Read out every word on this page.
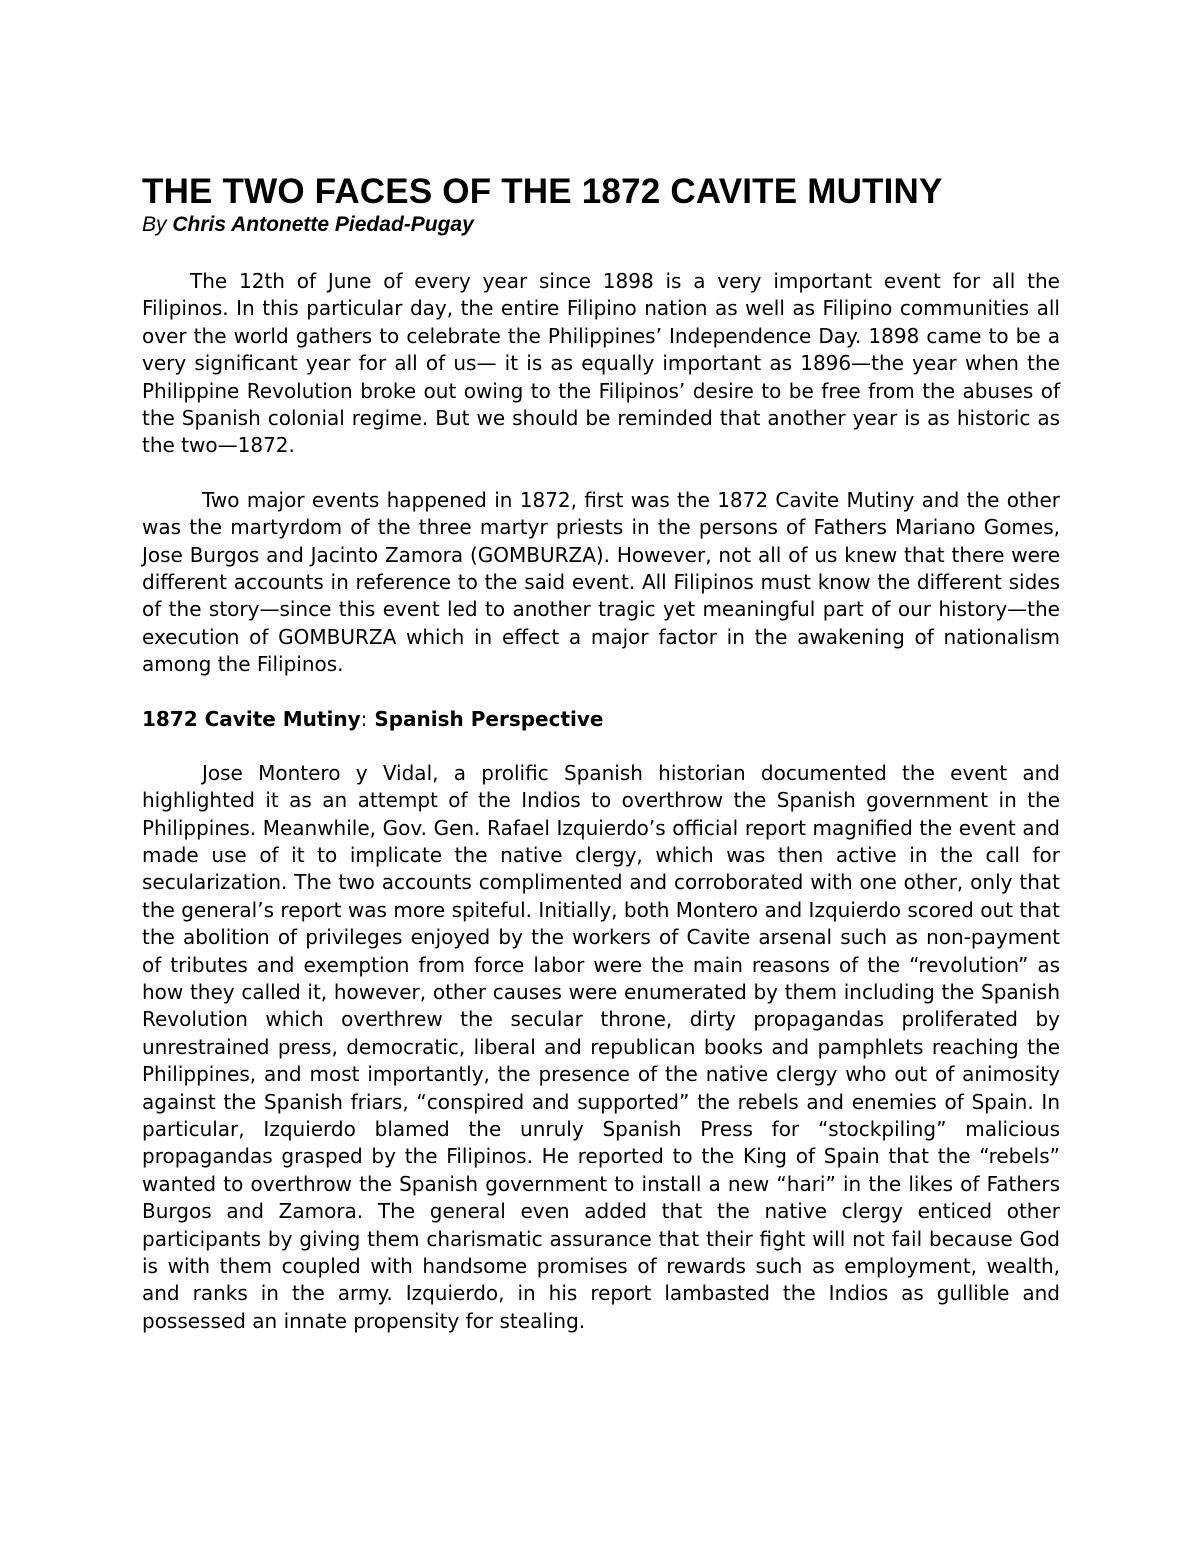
THE TWO FACES OF THE 1872 CAVITE MUTINY
By Chris Antonette Piedad-Pugay

The 12th of June of every year since 1898 is a very important event for all the Filipinos. In this particular day, the entire Filipino nation as well as Filipino communities all over the world gathers to celebrate the Philippines’ Independence Day. 1898 came to be a very significant year for all of us— it is as equally important as 1896—the year when the Philippine Revolution broke out owing to the Filipinos’ desire to be free from the abuses of the Spanish colonial regime. But we should be reminded that another year is as historic as the two—1872.

Two major events happened in 1872, first was the 1872 Cavite Mutiny and the other was the martyrdom of the three martyr priests in the persons of Fathers Mariano Gomes, Jose Burgos and Jacinto Zamora (GOMBURZA). However, not all of us knew that there were different accounts in reference to the said event. All Filipinos must know the different sides of the story—since this event led to another tragic yet meaningful part of our history—the execution of GOMBURZA which in effect a major factor in the awakening of nationalism among the Filipinos.

1872 Cavite Mutiny: Spanish Perspective

Jose Montero y Vidal, a prolific Spanish historian documented the event and highlighted it as an attempt of the Indios to overthrow the Spanish government in the Philippines. Meanwhile, Gov. Gen. Rafael Izquierdo’s official report magnified the event and made use of it to implicate the native clergy, which was then active in the call for secularization. The two accounts complimented and corroborated with one other, only that the general’s report was more spiteful. Initially, both Montero and Izquierdo scored out that the abolition of privileges enjoyed by the workers of Cavite arsenal such as non-payment of tributes and exemption from force labor were the main reasons of the “revolution” as how they called it, however, other causes were enumerated by them including the Spanish Revolution which overthrew the secular throne, dirty propagandas proliferated by unrestrained press, democratic, liberal and republican books and pamphlets reaching the Philippines, and most importantly, the presence of the native clergy who out of animosity against the Spanish friars, “conspired and supported” the rebels and enemies of Spain. In particular, Izquierdo blamed the unruly Spanish Press for “stockpiling” malicious propagandas grasped by the Filipinos. He reported to the King of Spain that the “rebels” wanted to overthrow the Spanish government to install a new “hari” in the likes of Fathers Burgos and Zamora. The general even added that the native clergy enticed other participants by giving them charismatic assurance that their fight will not fail because God is with them coupled with handsome promises of rewards such as employment, wealth, and ranks in the army. Izquierdo, in his report lambasted the Indios as gullible and possessed an innate propensity for stealing.
